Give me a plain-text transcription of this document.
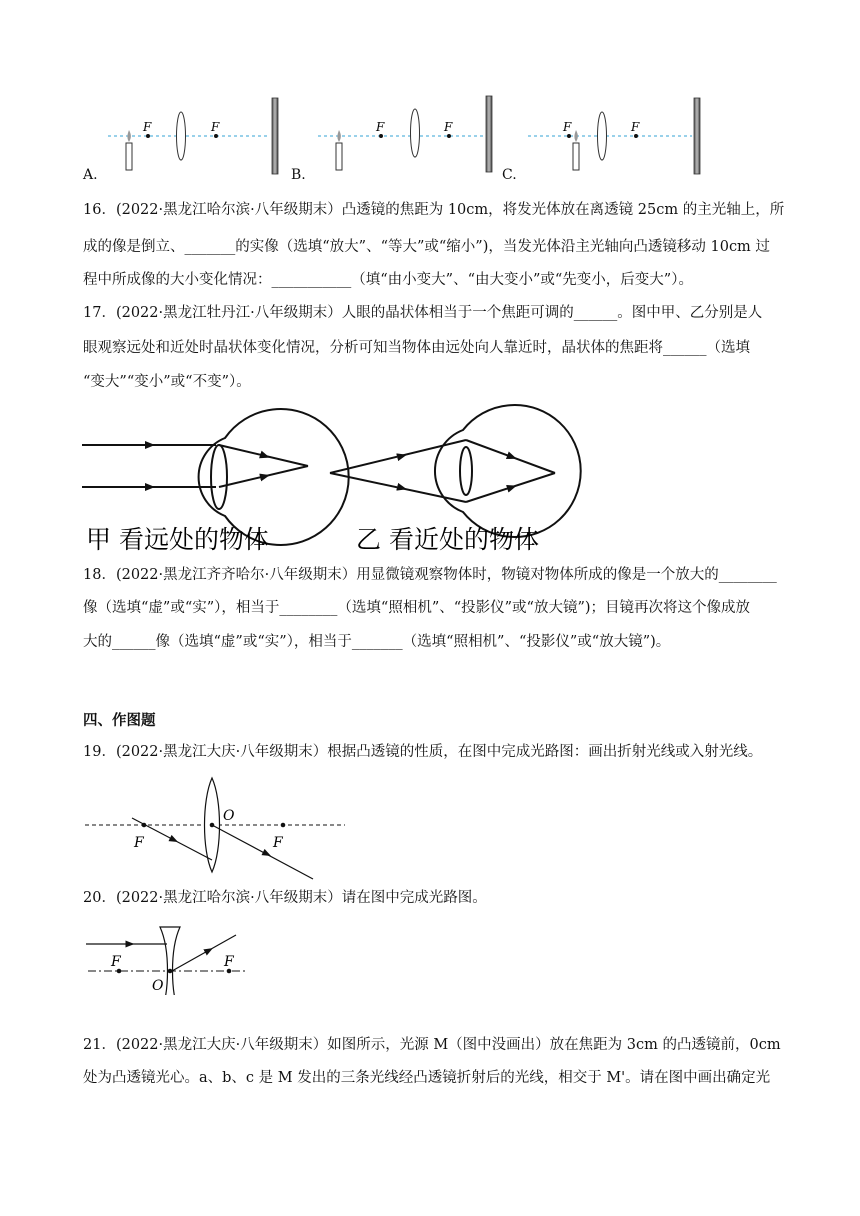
F	F	F	F	F	F
A.	B.	C.
16．(2022·黑龙江哈尔滨·八年级期末）凸透镜的焦距为 10cm，将发光体放在离透镜 25cm 的主光轴上，所
成的像是倒立、_______的实像（选填“放大”、“等大”或“缩小”)，当发光体沿主光轴向凸透镜移动 10cm 过
程中所成像的大小变化情况：___________（填“由小变大”、“由大变小”或“先变小，后变大”）。
17．(2022·黑龙江牡丹江·八年级期末）人眼的晶状体相当于一个焦距可调的______。图中甲、乙分别是人
眼观察远处和近处时晶状体变化情况，分析可知当物体由远处向人靠近时，晶状体的焦距将______（选填
“变大”“变小”或“不变”）。
甲 看远处的物体	乙 看近处的物体
18．(2022·黑龙江齐齐哈尔·八年级期末）用显微镜观察物体时，物镜对物体所成的像是一个放大的________
像（选填“虚”或“实”），相当于________（选填“照相机”、“投影仪”或“放大镜”)；目镜再次将这个像成放
大的______像（选填“虚”或“实”），相当于_______（选填“照相机”、“投影仪”或“放大镜”)。
四、作图题
19．(2022·黑龙江大庆·八年级期末）根据凸透镜的性质，在图中完成光路图：画出折射光线或入射光线。
F
O
F
20．(2022·黑龙江哈尔滨·八年级期末）请在图中完成光路图。
F
O
F
21．(2022·黑龙江大庆·八年级期末）如图所示，光源 M（图中没画出）放在焦距为 3cm 的凸透镜前，0cm
处为凸透镜光心。a、b、c 是 M 发出的三条光线经凸透镜折射后的光线，相交于 M'。请在图中画出确定光
